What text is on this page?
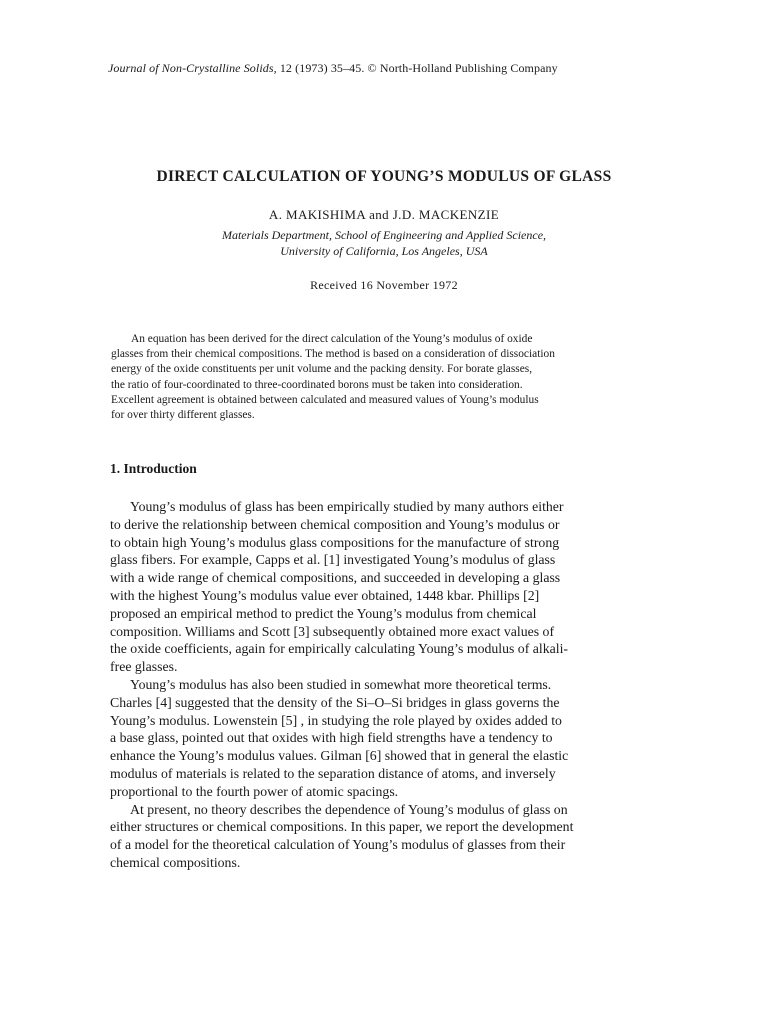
Journal of Non-Crystalline Solids, 12 (1973) 35–45. © North-Holland Publishing Company
DIRECT CALCULATION OF YOUNG’S MODULUS OF GLASS
A. MAKISHIMA and J.D. MACKENZIE
Materials Department, School of Engineering and Applied Science,
University of California, Los Angeles, USA
Received 16 November 1972
An equation has been derived for the direct calculation of the Young’s modulus of oxide
glasses from their chemical compositions. The method is based on a consideration of dissociation
energy of the oxide constituents per unit volume and the packing density. For borate glasses,
the ratio of four-coordinated to three-coordinated borons must be taken into consideration.
Excellent agreement is obtained between calculated and measured values of Young’s modulus
for over thirty different glasses.
1. Introduction
Young’s modulus of glass has been empirically studied by many authors either
to derive the relationship between chemical composition and Young’s modulus or
to obtain high Young’s modulus glass compositions for the manufacture of strong
glass fibers. For example, Capps et al. [1] investigated Young’s modulus of glass
with a wide range of chemical compositions, and succeeded in developing a glass
with the highest Young’s modulus value ever obtained, 1448 kbar. Phillips [2]
proposed an empirical method to predict the Young’s modulus from chemical
composition. Williams and Scott [3] subsequently obtained more exact values of
the oxide coefficients, again for empirically calculating Young’s modulus of alkali-
free glasses.
Young’s modulus has also been studied in somewhat more theoretical terms.
Charles [4] suggested that the density of the Si–O–Si bridges in glass governs the
Young’s modulus. Lowenstein [5] , in studying the role played by oxides added to
a base glass, pointed out that oxides with high field strengths have a tendency to
enhance the Young’s modulus values. Gilman [6] showed that in general the elastic
modulus of materials is related to the separation distance of atoms, and inversely
proportional to the fourth power of atomic spacings.
At present, no theory describes the dependence of Young’s modulus of glass on
either structures or chemical compositions. In this paper, we report the development
of a model for the theoretical calculation of Young’s modulus of glasses from their
chemical compositions.
